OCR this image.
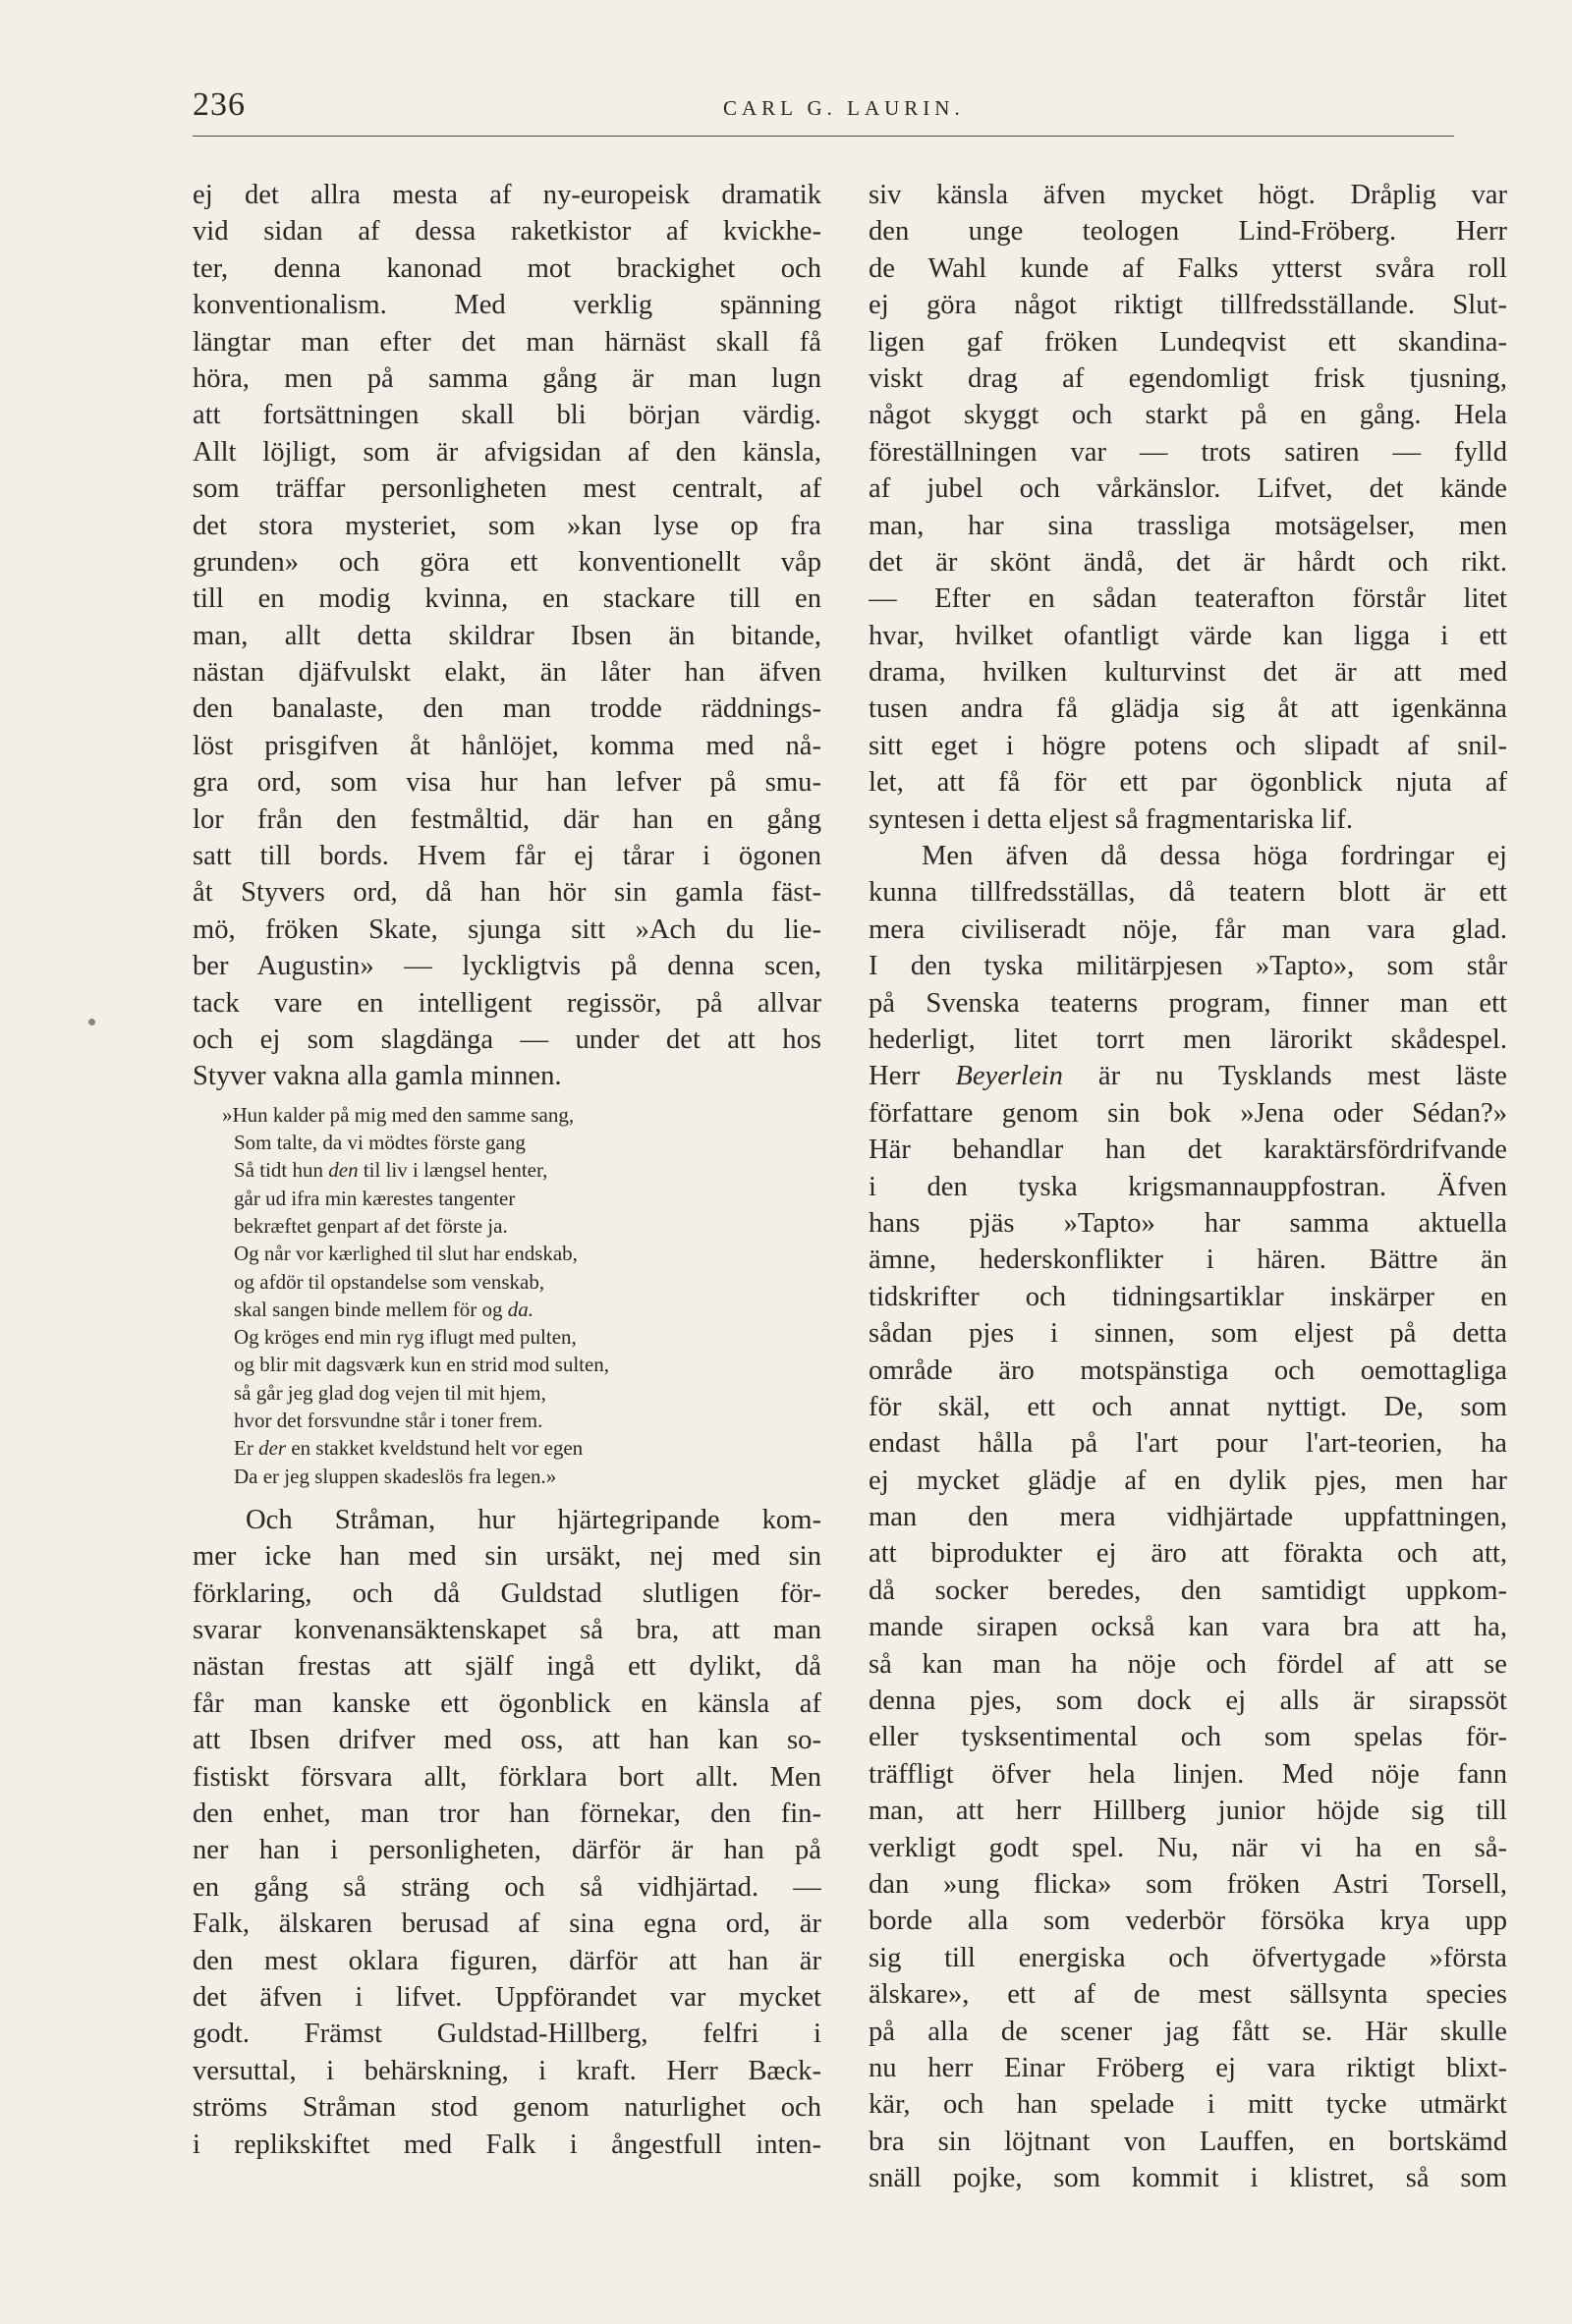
236	CARL G. LAURIN.
ej det allra mesta af ny-europeisk dramatik
vid sidan af dessa raketkistor af kvickhe-
ter, denna kanonad mot brackighet och
konventionalism. Med verklig spänning
längtar man efter det man härnäst skall få
höra, men på samma gång är man lugn
att fortsättningen skall bli början värdig.
Allt löjligt, som är afvigsidan af den känsla,
som träffar personligheten mest centralt, af
det stora mysteriet, som »kan lyse op fra
grunden» och göra ett konventionellt våp
till en modig kvinna, en stackare till en
man, allt detta skildrar Ibsen än bitande,
nästan djäfvulskt elakt, än låter han äfven
den banalaste, den man trodde räddnings-
löst prisgifven åt hånlöjet, komma med nå-
gra ord, som visa hur han lefver på smu-
lor från den festmåltid, där han en gång
satt till bords. Hvem får ej tårar i ögonen
åt Styvers ord, då han hör sin gamla fäst-
mö, fröken Skate, sjunga sitt »Ach du lie-
ber Augustin» — lyckligtvis på denna scen,
tack vare en intelligent regissör, på allvar
och ej som slagdänga — under det att hos
Styver vakna alla gamla minnen.
»Hun kalder på mig med den samme sang,
Som talte, da vi mödtes förste gang
Så tidt hun den til liv i længsel henter,
går ud ifra min kærestes tangenter
bekræftet genpart af det förste ja.
Og når vor kærlighed til slut har endskab,
og afdör til opstandelse som venskab,
skal sangen binde mellem för og da.
Og kröges end min ryg iflugt med pulten,
og blir mit dagsværk kun en strid mod sulten,
så går jeg glad dog vejen til mit hjem,
hvor det forsvundne står i toner frem.
Er der en stakket kveldstund helt vor egen
Da er jeg sluppen skadeslös fra legen.»
Och Stråman, hur hjärtegripande kom-
mer icke han med sin ursäkt, nej med sin
förklaring, och då Guldstad slutligen för-
svarar konvenansäktenskapet så bra, att man
nästan frestas att själf ingå ett dylikt, då
får man kanske ett ögonblick en känsla af
att Ibsen drifver med oss, att han kan so-
fistiskt försvara allt, förklara bort allt. Men
den enhet, man tror han förnekar, den fin-
ner han i personligheten, därför är han på
en gång så sträng och så vidhjärtad. —
Falk, älskaren berusad af sina egna ord, är
den mest oklara figuren, därför att han är
det äfven i lifvet. Uppförandet var mycket
godt. Främst Guldstad-Hillberg, felfri i
versuttal, i behärskning, i kraft. Herr Bæck-
ströms Stråman stod genom naturlighet och
i replikskiftet med Falk i ångestfull inten-
siv känsla äfven mycket högt. Dråplig var
den unge teologen Lind-Fröberg. Herr
de Wahl kunde af Falks ytterst svåra roll
ej göra något riktigt tillfredsställande. Slut-
ligen gaf fröken Lundeqvist ett skandina-
viskt drag af egendomligt frisk tjusning,
något skyggt och starkt på en gång. Hela
föreställningen var — trots satiren — fylld
af jubel och vårkänslor. Lifvet, det kände
man, har sina trassliga motsägelser, men
det är skönt ändå, det är hårdt och rikt.
— Efter en sådan teaterafton förstår litet
hvar, hvilket ofantligt värde kan ligga i ett
drama, hvilken kulturvinst det är att med
tusen andra få glädja sig åt att igenkänna
sitt eget i högre potens och slipadt af snil-
let, att få för ett par ögonblick njuta af
syntesen i detta eljest så fragmentariska lif.
Men äfven då dessa höga fordringar ej
kunna tillfredsställas, då teatern blott är ett
mera civiliseradt nöje, får man vara glad.
I den tyska militärpjesen »Tapto», som står
på Svenska teaterns program, finner man ett
hederligt, litet torrt men lärorikt skådespel.
Herr Beyerlein är nu Tysklands mest läste
författare genom sin bok »Jena oder Sédan?»
Här behandlar han det karaktärsfördrifvande
i den tyska krigsmannauppfostran. Äfven
hans pjäs »Tapto» har samma aktuella
ämne, hederskonflikter i hären. Bättre än
tidskrifter och tidningsartiklar inskärper en
sådan pjes i sinnen, som eljest på detta
område äro motspänstiga och oemottagliga
för skäl, ett och annat nyttigt. De, som
endast hålla på l'art pour l'art-teorien, ha
ej mycket glädje af en dylik pjes, men har
man den mera vidhjärtade uppfattningen,
att biprodukter ej äro att förakta och att,
då socker beredes, den samtidigt uppkom-
mande sirapen också kan vara bra att ha,
så kan man ha nöje och fördel af att se
denna pjes, som dock ej alls är sirapssöt
eller tysksentimental och som spelas för-
träffligt öfver hela linjen. Med nöje fann
man, att herr Hillberg junior höjde sig till
verkligt godt spel. Nu, när vi ha en så-
dan »ung flicka» som fröken Astri Torsell,
borde alla som vederbör försöka krya upp
sig till energiska och öfvertygade »första
älskare», ett af de mest sällsynta species
på alla de scener jag fått se. Här skulle
nu herr Einar Fröberg ej vara riktigt blixt-
kär, och han spelade i mitt tycke utmärkt
bra sin löjtnant von Lauffen, en bortskämd
snäll pojke, som kommit i klistret, så som
